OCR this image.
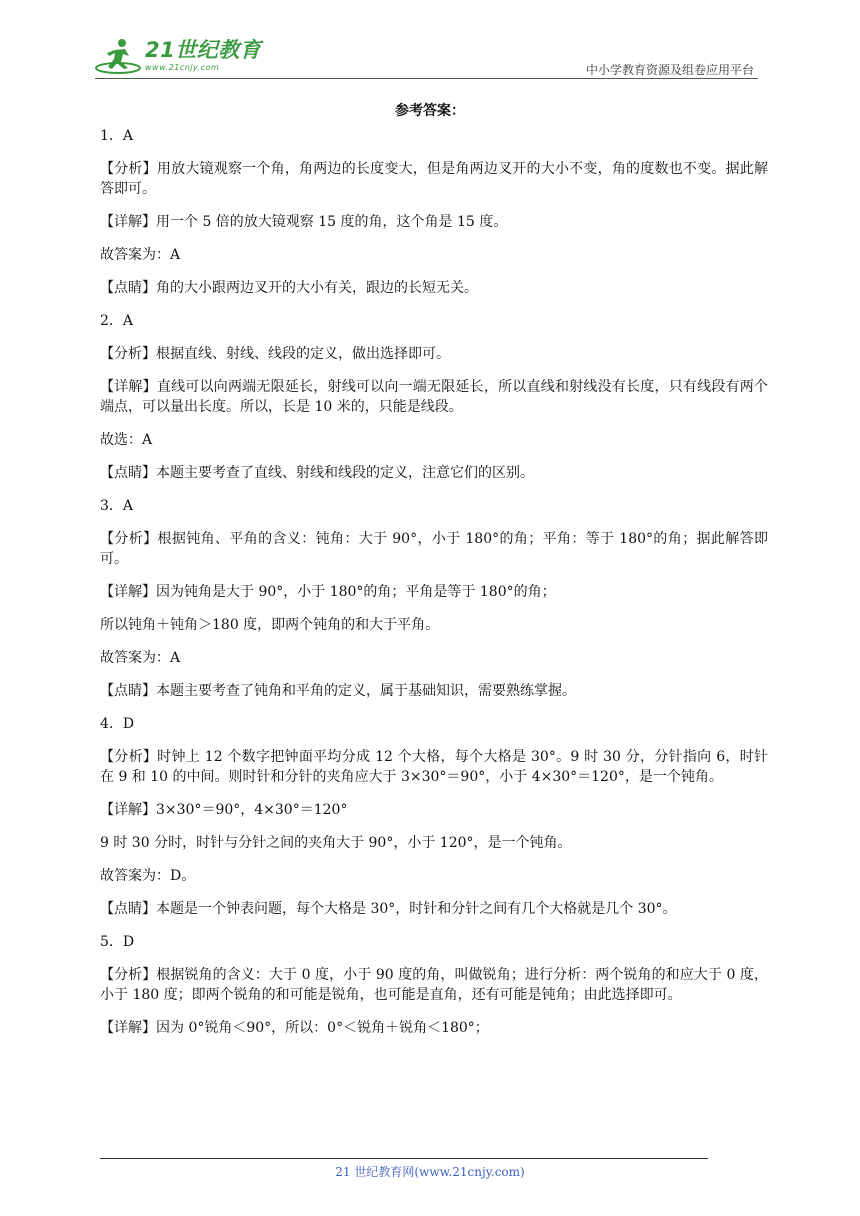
21世纪教育
www.21cnjy.com	中小学教育资源及组卷应用平台
参考答案：

1．A

【分析】用放大镜观察一个角，角两边的长度变大，但是角两边叉开的大小不变，角的度数也不变。据此解答即可。

【详解】用一个 5 倍的放大镜观察 15 度的角，这个角是 15 度。

故答案为：A

【点睛】角的大小跟两边叉开的大小有关，跟边的长短无关。

2．A

【分析】根据直线、射线、线段的定义，做出选择即可。

【详解】直线可以向两端无限延长，射线可以向一端无限延长，所以直线和射线没有长度，只有线段有两个端点，可以量出长度。所以，长是 10 米的，只能是线段。

故选：A

【点睛】本题主要考查了直线、射线和线段的定义，注意它们的区别。

3．A

【分析】根据钝角、平角的含义：钝角：大于 90°，小于 180°的角；平角：等于 180°的角；据此解答即可。

【详解】因为钝角是大于 90°，小于 180°的角；平角是等于 180°的角；

所以钝角＋钝角＞180 度，即两个钝角的和大于平角。

故答案为：A

【点睛】本题主要考查了钝角和平角的定义，属于基础知识，需要熟练掌握。

4．D

【分析】时钟上 12 个数字把钟面平均分成 12 个大格，每个大格是 30°。9 时 30 分，分针指向 6，时针在 9 和 10 的中间。则时针和分针的夹角应大于 3×30°＝90°，小于 4×30°＝120°，是一个钝角。

【详解】3×30°＝90°，4×30°＝120°

9 时 30 分时，时针与分针之间的夹角大于 90°，小于 120°，是一个钝角。

故答案为：D。

【点睛】本题是一个钟表问题，每个大格是 30°，时针和分针之间有几个大格就是几个 30°。

5．D

【分析】根据锐角的含义：大于 0 度，小于 90 度的角，叫做锐角；进行分析：两个锐角的和应大于 0 度，小于 180 度；即两个锐角的和可能是锐角，也可能是直角，还有可能是钝角；由此选择即可。

【详解】因为 0°锐角＜90°，所以：0°＜锐角＋锐角＜180°；

21 世纪教育网(www.21cnjy.com)
